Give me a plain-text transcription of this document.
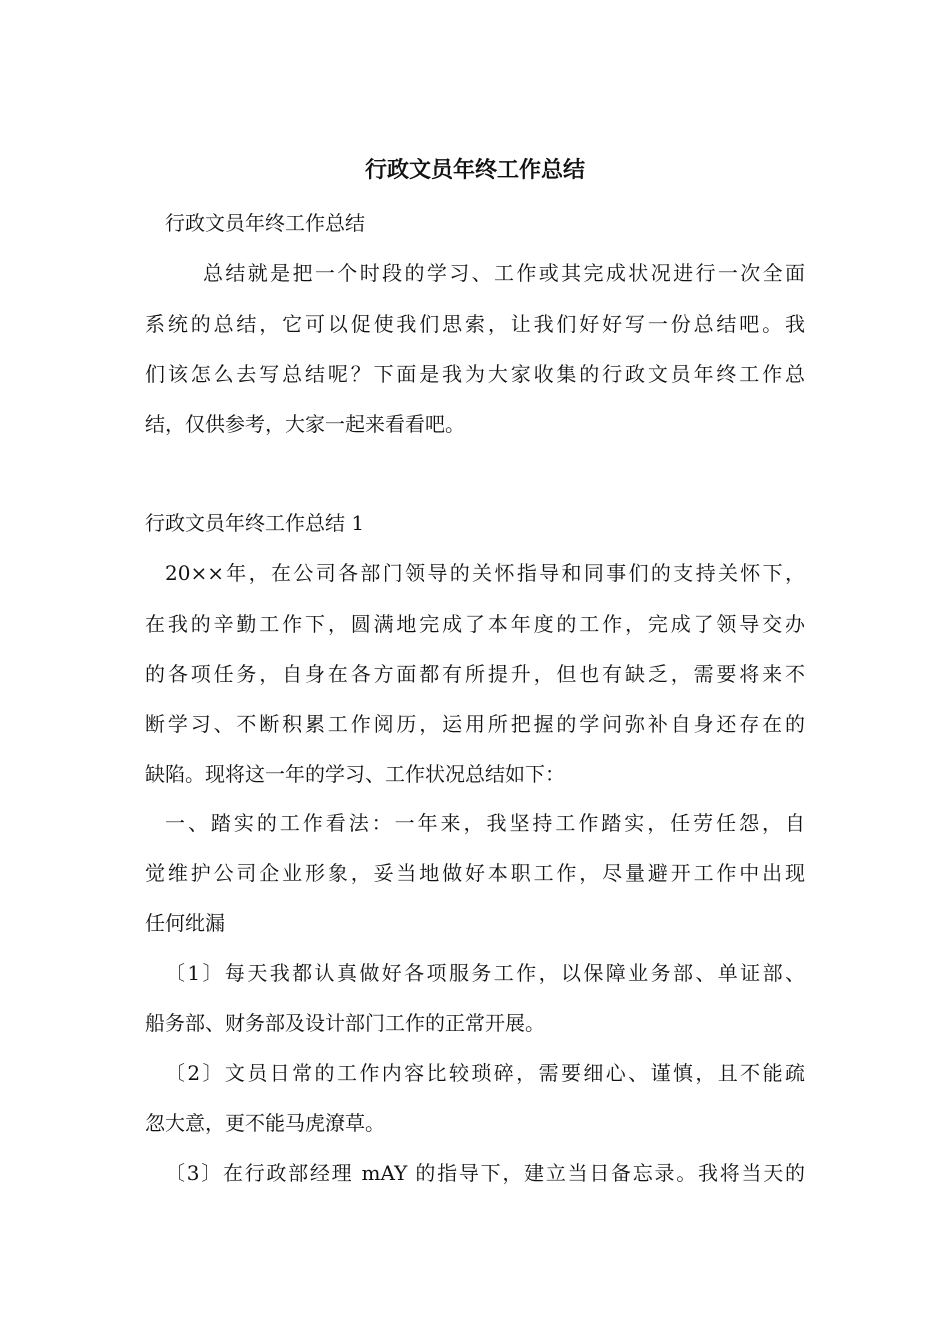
行政文员年终工作总结
行政文员年终工作总结
总结就是把一个时段的学习、工作或其完成状况进行一次全面
系统的总结，它可以促使我们思索，让我们好好写一份总结吧。我
们该怎么去写总结呢？下面是我为大家收集的行政文员年终工作总
结，仅供参考，大家一起来看看吧。
行政文员年终工作总结 1
20××年，在公司各部门领导的关怀指导和同事们的支持关怀下，
在我的辛勤工作下，圆满地完成了本年度的工作，完成了领导交办
的各项任务，自身在各方面都有所提升，但也有缺乏，需要将来不
断学习、不断积累工作阅历，运用所把握的学问弥补自身还存在的
缺陷。现将这一年的学习、工作状况总结如下：
一、踏实的工作看法：一年来，我坚持工作踏实，任劳任怨，自
觉维护公司企业形象，妥当地做好本职工作，尽量避开工作中出现
任何纰漏
〔1〕每天我都认真做好各项服务工作，以保障业务部、单证部、
船务部、财务部及设计部门工作的正常开展。
〔2〕文员日常的工作内容比较琐碎，需要细心、谨慎，且不能疏
忽大意，更不能马虎潦草。
〔3〕在行政部经理 mAY 的指导下，建立当日备忘录。我将当天的
